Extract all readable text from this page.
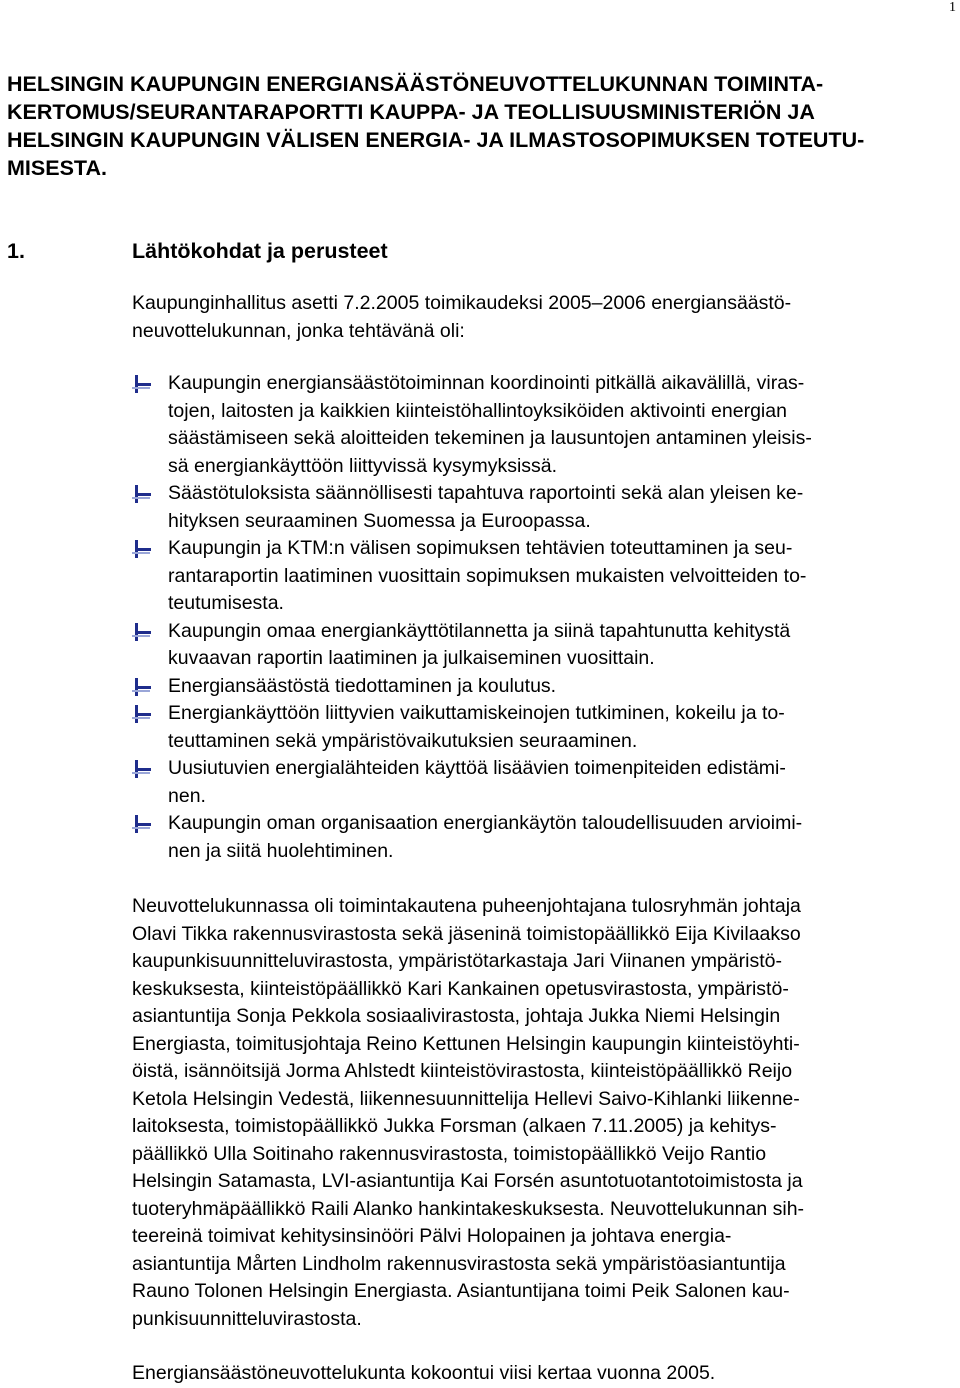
1
HELSINGIN KAUPUNGIN ENERGIANSÄÄSTÖNEUVOTTELUKUNNAN TOIMINTA-
KERTOMUS/SEURANTARAPORTTI KAUPPA- JA TEOLLISUUSMINISTERIÖN JA
HELSINGIN KAUPUNGIN VÄLISEN ENERGIA- JA ILMASTOSOPIMUKSEN TOTEUTU-
MISESTA.
1.	Lähtökohdat ja perusteet
Kaupunginhallitus asetti 7.2.2005 toimikaudeksi 2005–2006 energiansäästö-
neuvottelukunnan, jonka tehtävänä oli:
Kaupungin energiansäästötoiminnan koordinointi pitkällä aikavälillä, viras-
tojen, laitosten ja kaikkien kiinteistöhallintoyksiköiden aktivointi energian
säästämiseen sekä aloitteiden tekeminen ja lausuntojen antaminen yleisis-
sä energiankäyttöön liittyvissä kysymyksissä.
Säästötuloksista säännöllisesti tapahtuva raportointi sekä alan yleisen ke-
hityksen seuraaminen Suomessa ja Euroopassa.
Kaupungin ja KTM:n välisen sopimuksen tehtävien toteuttaminen ja seu-
rantaraportin laatiminen vuosittain sopimuksen mukaisten velvoitteiden to-
teutumisesta.
Kaupungin omaa energiankäyttötilannetta ja siinä tapahtunutta kehitystä
kuvaavan raportin laatiminen ja julkaiseminen vuosittain.
Energiansäästöstä tiedottaminen ja koulutus.
Energiankäyttöön liittyvien vaikuttamiskeinojen tutkiminen, kokeilu ja to-
teuttaminen sekä ympäristövaikutuksien seuraaminen.
Uusiutuvien energialähteiden käyttöä lisäävien toimenpiteiden edistämi-
nen.
Kaupungin oman organisaation energiankäytön taloudellisuuden arvioimi-
nen ja siitä huolehtiminen.
Neuvottelukunnassa oli toimintakautena puheenjohtajana tulosryhmän johtaja
Olavi Tikka rakennusvirastosta sekä jäseninä toimistopäällikkö Eija Kivilaakso
kaupunkisuunnitteluvirastosta, ympäristötarkastaja Jari Viinanen ympäristö-
keskuksesta, kiinteistöpäällikkö Kari Kankainen opetusvirastosta, ympäristö-
asiantuntija Sonja Pekkola sosiaalivirastosta, johtaja Jukka Niemi Helsingin
Energiasta, toimitusjohtaja Reino Kettunen Helsingin kaupungin kiinteistöyhti-
öistä, isännöitsijä Jorma Ahlstedt kiinteistövirastosta, kiinteistöpäällikkö Reijo
Ketola Helsingin Vedestä, liikennesuunnittelija Hellevi Saivo-Kihlanki liikenne-
laitoksesta, toimistopäällikkö Jukka Forsman (alkaen 7.11.2005) ja kehitys-
päällikkö Ulla Soitinaho rakennusvirastosta, toimistopäällikkö Veijo Rantio
Helsingin Satamasta, LVI-asiantuntija Kai Forsén asuntotuotantotoimistosta ja
tuoteryhmäpäällikkö Raili Alanko hankintakeskuksesta. Neuvottelukunnan sih-
teereinä toimivat kehitysinsinööri Pälvi Holopainen ja johtava energia-
asiantuntija Mårten Lindholm rakennusvirastosta sekä ympäristöasiantuntija
Rauno Tolonen Helsingin Energiasta. Asiantuntijana toimi Peik Salonen kau-
punkisuunnitteluvirastosta.
Energiansäästöneuvottelukunta kokoontui viisi kertaa vuonna 2005.
